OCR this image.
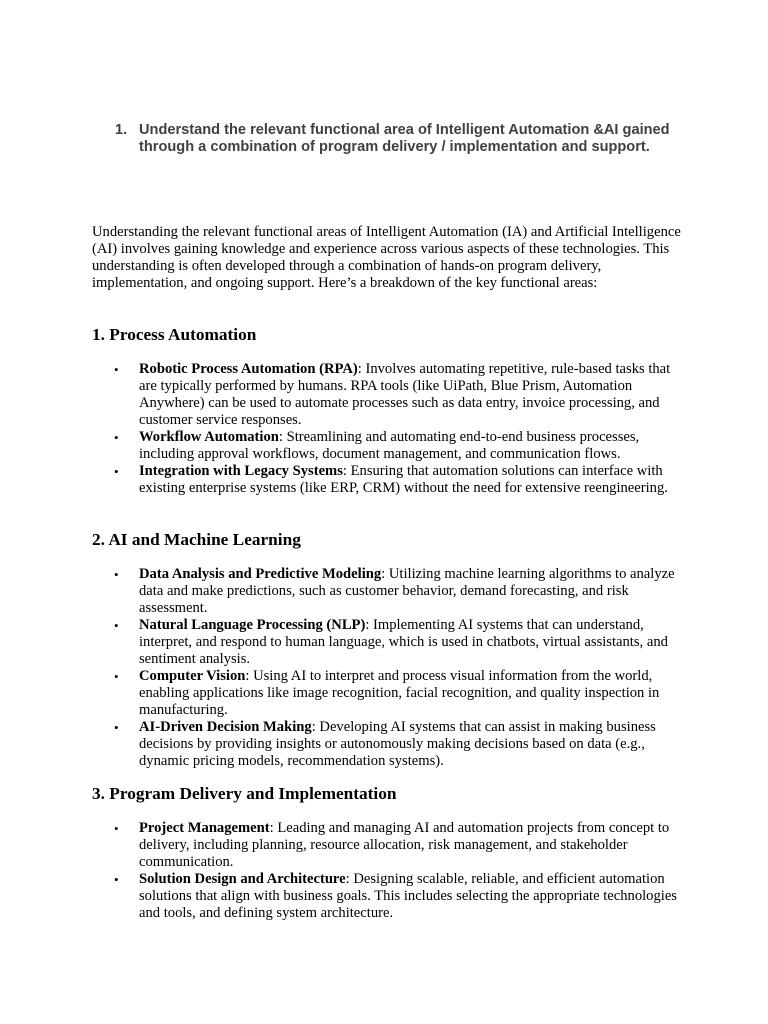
1. Understand the relevant functional area of Intelligent Automation &AI gained through a combination of program delivery / implementation and support.

Understanding the relevant functional areas of Intelligent Automation (IA) and Artificial Intelligence (AI) involves gaining knowledge and experience across various aspects of these technologies. This understanding is often developed through a combination of hands-on program delivery, implementation, and ongoing support. Here’s a breakdown of the key functional areas:

1. Process Automation
• Robotic Process Automation (RPA): Involves automating repetitive, rule-based tasks that are typically performed by humans. RPA tools (like UiPath, Blue Prism, Automation Anywhere) can be used to automate processes such as data entry, invoice processing, and customer service responses.
• Workflow Automation: Streamlining and automating end-to-end business processes, including approval workflows, document management, and communication flows.
• Integration with Legacy Systems: Ensuring that automation solutions can interface with existing enterprise systems (like ERP, CRM) without the need for extensive reengineering.
2. AI and Machine Learning
• Data Analysis and Predictive Modeling: Utilizing machine learning algorithms to analyze data and make predictions, such as customer behavior, demand forecasting, and risk assessment.
• Natural Language Processing (NLP): Implementing AI systems that can understand, interpret, and respond to human language, which is used in chatbots, virtual assistants, and sentiment analysis.
• Computer Vision: Using AI to interpret and process visual information from the world, enabling applications like image recognition, facial recognition, and quality inspection in manufacturing.
• AI-Driven Decision Making: Developing AI systems that can assist in making business decisions by providing insights or autonomously making decisions based on data (e.g., dynamic pricing models, recommendation systems).
3. Program Delivery and Implementation
• Project Management: Leading and managing AI and automation projects from concept to delivery, including planning, resource allocation, risk management, and stakeholder communication.
• Solution Design and Architecture: Designing scalable, reliable, and efficient automation solutions that align with business goals. This includes selecting the appropriate technologies and tools, and defining system architecture.
